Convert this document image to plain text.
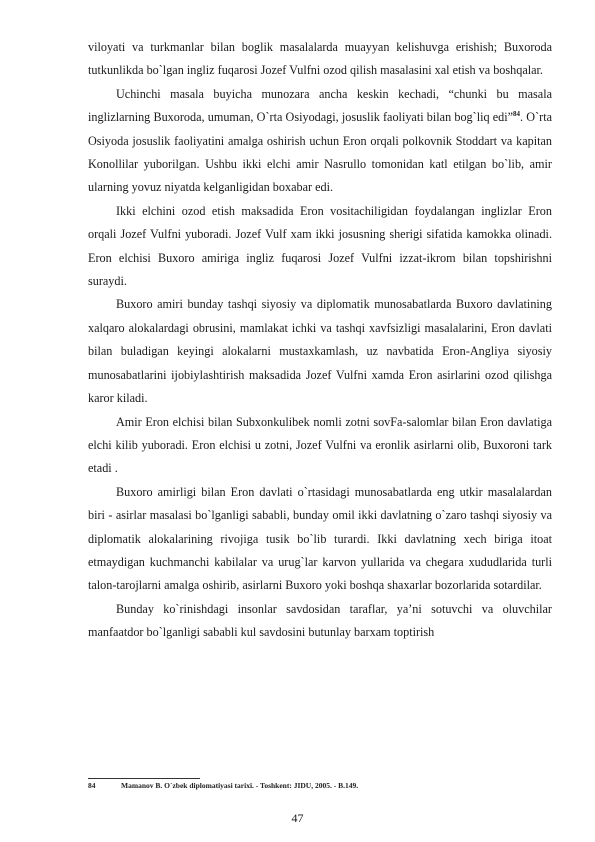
viloyati va turkmanlar bilan boglik masalalarda muayyan kelishuvga erishish; Buxoroda tutkunlikda bo`lgan ingliz fuqarosi Jozef Vulfni ozod qilish masalasini xal etish va boshqalar.

Uchinchi masala buyicha munozara ancha keskin kechadi, “chunki bu masala inglizlarning Buxoroda, umuman, O`rta Osiyodagi, josuslik faoliyati bilan bog`liq edi”$^{84}$. O`rta Osiyoda josuslik faoliyatini amalga oshirish uchun Eron orqali polkovnik Stoddart va kapitan Konollilar yuborilgan. Ushbu ikki elchi amir Nasrullo tomonidan katl etilgan bo`lib, amir ularning yovuz niyatda kelganligidan boxabar edi.

Ikki elchini ozod etish maksadida Eron vositachiligidan foydalangan inglizlar Eron orqali Jozef Vulfni yuboradi. Jozef Vulf xam ikki josusning sherigi sifatida kamokka olinadi. Eron elchisi Buxoro amiriga ingliz fuqarosi Jozef Vulfni izzat-ikrom bilan topshirishni suraydi.

Buxoro amiri bunday tashqi siyosiy va diplomatik munosabatlarda Buxoro davlatining xalqaro alokalardagi obrusini, mamlakat ichki va tashqi xavfsizligi masalalarini, Eron davlati bilan buladigan keyingi alokalarni mustaxkamlash, uz navbatida Eron-Angliya siyosiy munosabatlarini ijobiylashtirish maksadida Jozef Vulfni xamda Eron asirlarini ozod qilishga karor kiladi.

Amir Eron elchisi bilan Subxonkulibek nomli zotni sovFa-salomlar bilan Eron davlatiga elchi kilib yuboradi. Eron elchisi u zotni, Jozef Vulfni va eronlik asirlarni olib, Buxoroni tark etadi .

Buxoro amirligi bilan Eron davlati o`rtasidagi munosabatlarda eng utkir masalalardan biri - asirlar masalasi bo`lganligi sababli, bunday omil ikki davlatning o`zaro tashqi siyosiy va diplomatik alokalarining rivojiga tusik bo`lib turardi. Ikki davlatning xech biriga itoat etmaydigan kuchmanchi kabilalar va urug`lar karvon yullarida va chegara xududlarida turli talon-tarojlarni amalga oshirib, asirlarni Buxoro yoki boshqa shaxarlar bozorlarida sotardilar.

Bunday ko`rinishdagi insonlar savdosidan taraflar, ya’ni sotuvchi va oluvchilar manfaatdor bo`lganligi sababli kul savdosini butunlay barxam toptirish

84	Mamanov B. O`zbek diplomatiyasi tarixi. - Toshkent: JIDU, 2005. - B.149.
47
